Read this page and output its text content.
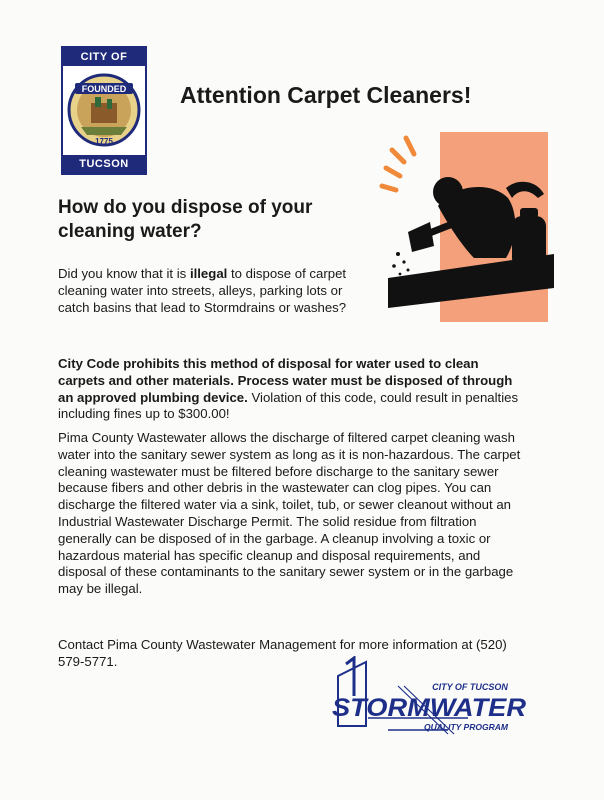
CITY OF
FOUNDED
1775
TUCSON
Attention Carpet Cleaners!
How do you dispose of your cleaning water?
Did you know that it is illegal to dispose of carpet cleaning water into streets, alleys, parking lots or catch basins that lead to Stormdrains or washes?
City Code prohibits this method of disposal for water used to clean carpets and other materials. Process water must be disposed of through an approved plumbing device. Violation of this code, could result in penalties including fines up to $300.00!
Pima County Wastewater allows the discharge of filtered carpet cleaning wash water into the sanitary sewer system as long as it is non-hazardous. The carpet cleaning wastewater must be filtered before discharge to the sanitary sewer because fibers and other debris in the wastewater can clog pipes. You can discharge the filtered water via a sink, toilet, tub, or sewer cleanout without an Industrial Wastewater Discharge Permit. The solid residue from filtration generally can be disposed of in the garbage. A cleanup involving a toxic or hazardous material has specific cleanup and disposal requirements, and disposal of these contaminants to the sanitary sewer system or in the garbage may be illegal.
Contact Pima County Wastewater Management for more information at (520) 579-5771.
CITY OF TUCSON
STORMWATER
QUALITY PROGRAM
